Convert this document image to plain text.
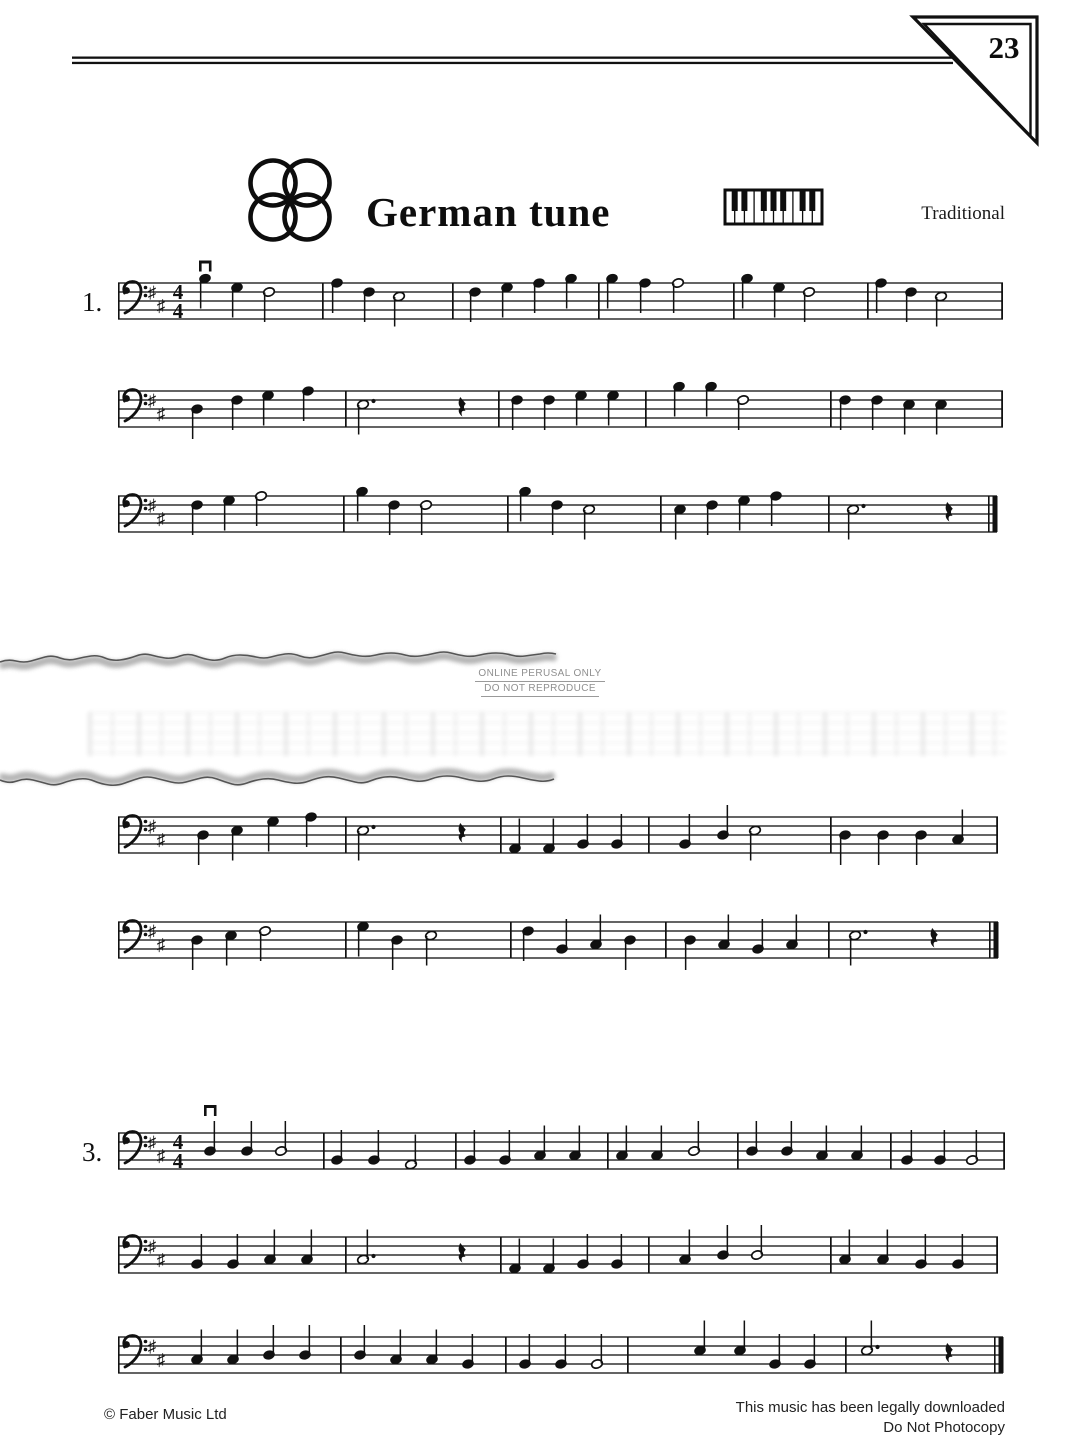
23
German tune	Traditional
1.	♯
♯
4
4
♯
♯
♯
♯
♯
♯
♯
♯
3.	♯
♯
4
4
♯
♯
♯
♯
ONLINE PERUSAL ONLY
DO NOT REPRODUCE
© Faber Music Ltd	This music has been legally downloaded
Do Not Photocopy
